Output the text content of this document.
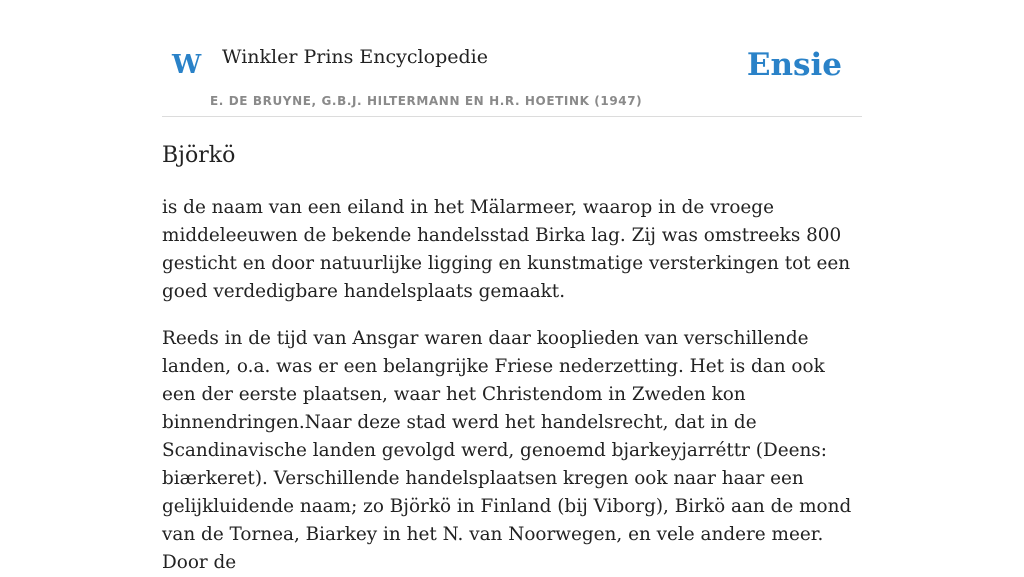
W Winkler Prins Encyclopedie
E. DE BRUYNE, G.B.J. HILTERMANN EN H.R. HOETINK (1947)
Ensie
Björkö

is de naam van een eiland in het Mälarmeer, waarop in de vroege middeleeuwen de bekende handelsstad Birka lag. Zij was omstreeks 800 gesticht en door natuurlijke ligging en kunstmatige versterkingen tot een goed verdedigbare handelsplaats gemaakt.

Reeds in de tijd van Ansgar waren daar kooplieden van verschillende landen, o.a. was er een belangrijke Friese nederzetting. Het is dan ook een der eerste plaatsen, waar het Christendom in Zweden kon binnendringen.Naar deze stad werd het handelsrecht, dat in de Scandinavische landen gevolgd werd, genoemd bjarkeyjarréttr (Deens: biærkeret). Verschillende handelsplaatsen kregen ook naar haar een gelijkluidende naam; zo Björkö in Finland (bij Viborg), Birkö aan de mond van de Tornea, Biarkey in het N. van Noorwegen, en vele andere meer. Door de
